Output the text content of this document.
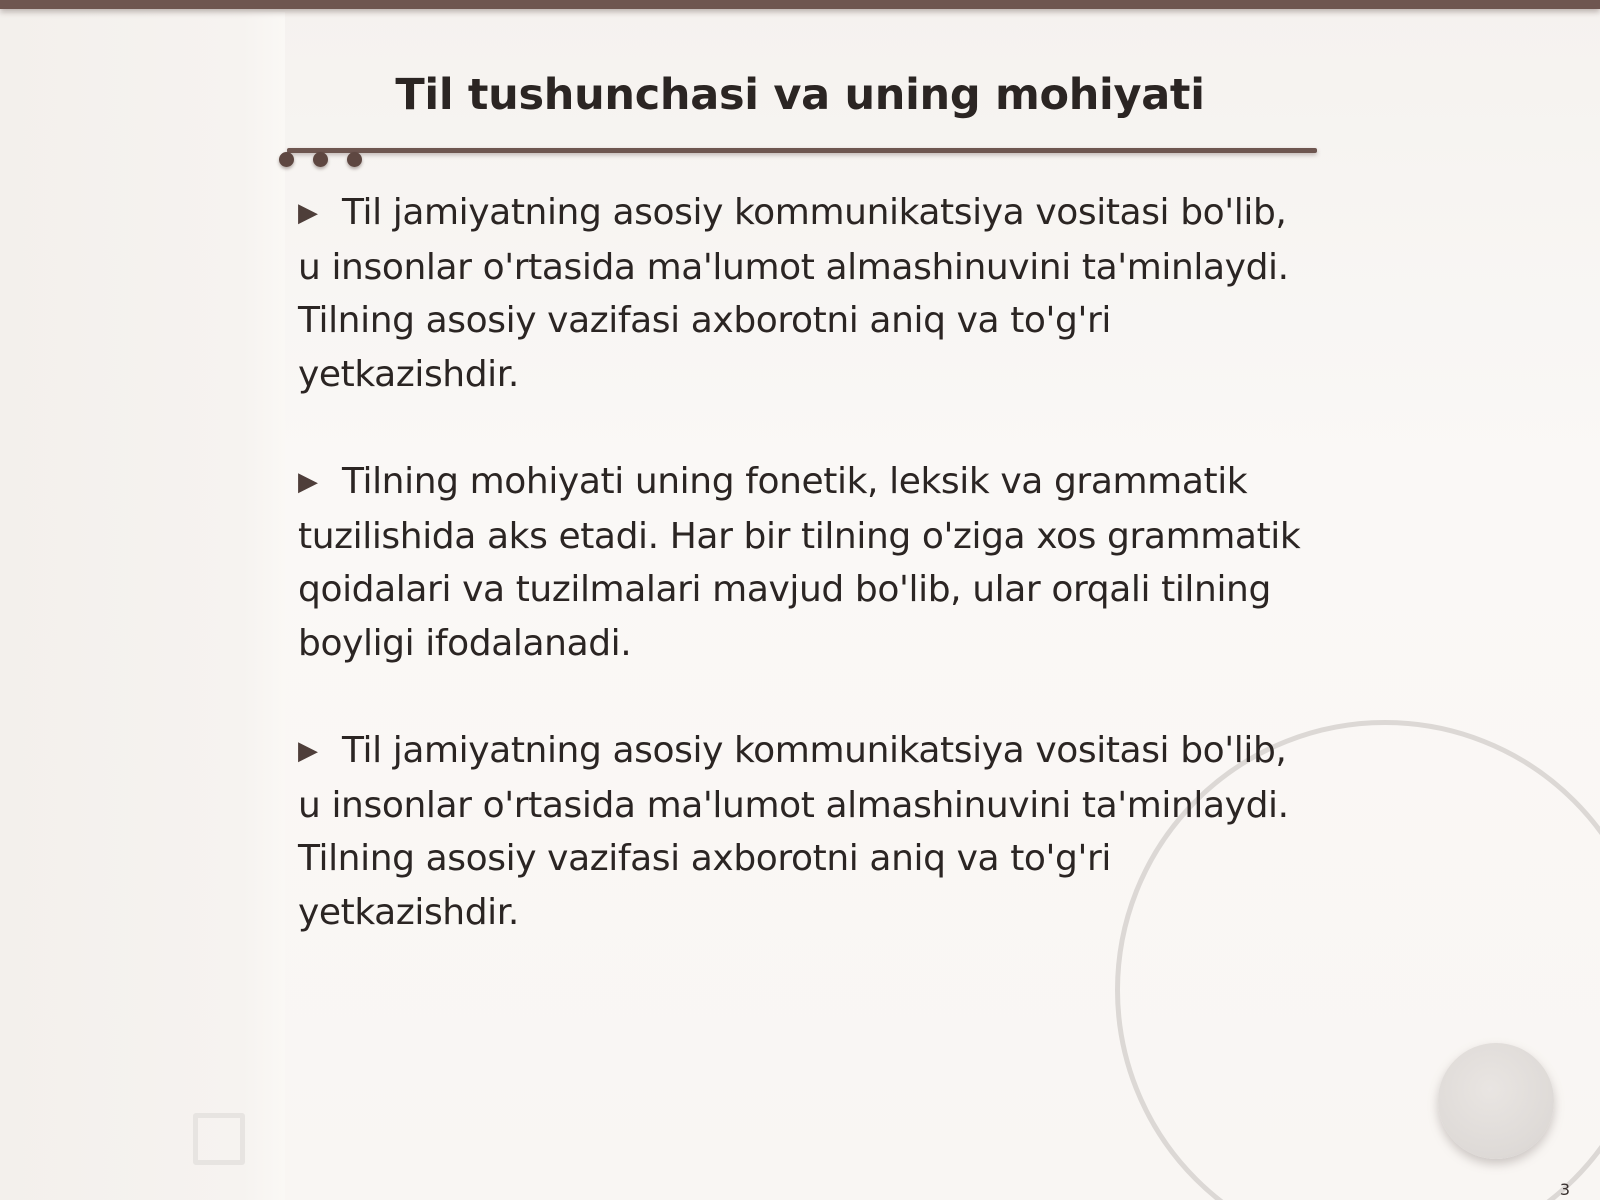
Til tushunchasi va uning mohiyati

▶ Til jamiyatning asosiy kommunikatsiya vositasi bo'lib, u insonlar o'rtasida ma'lumot almashinuvini ta'minlaydi. Tilning asosiy vazifasi axborotni aniq va to'g'ri yetkazishdir.

▶ Tilning mohiyati uning fonetik, leksik va grammatik tuzilishida aks etadi. Har bir tilning o'ziga xos grammatik qoidalari va tuzilmalari mavjud bo'lib, ular orqali tilning boyligi ifodalanadi.

▶ Til jamiyatning asosiy kommunikatsiya vositasi bo'lib, u insonlar o'rtasida ma'lumot almashinuvini ta'minlaydi. Tilning asosiy vazifasi axborotni aniq va to'g'ri yetkazishdir.

3
